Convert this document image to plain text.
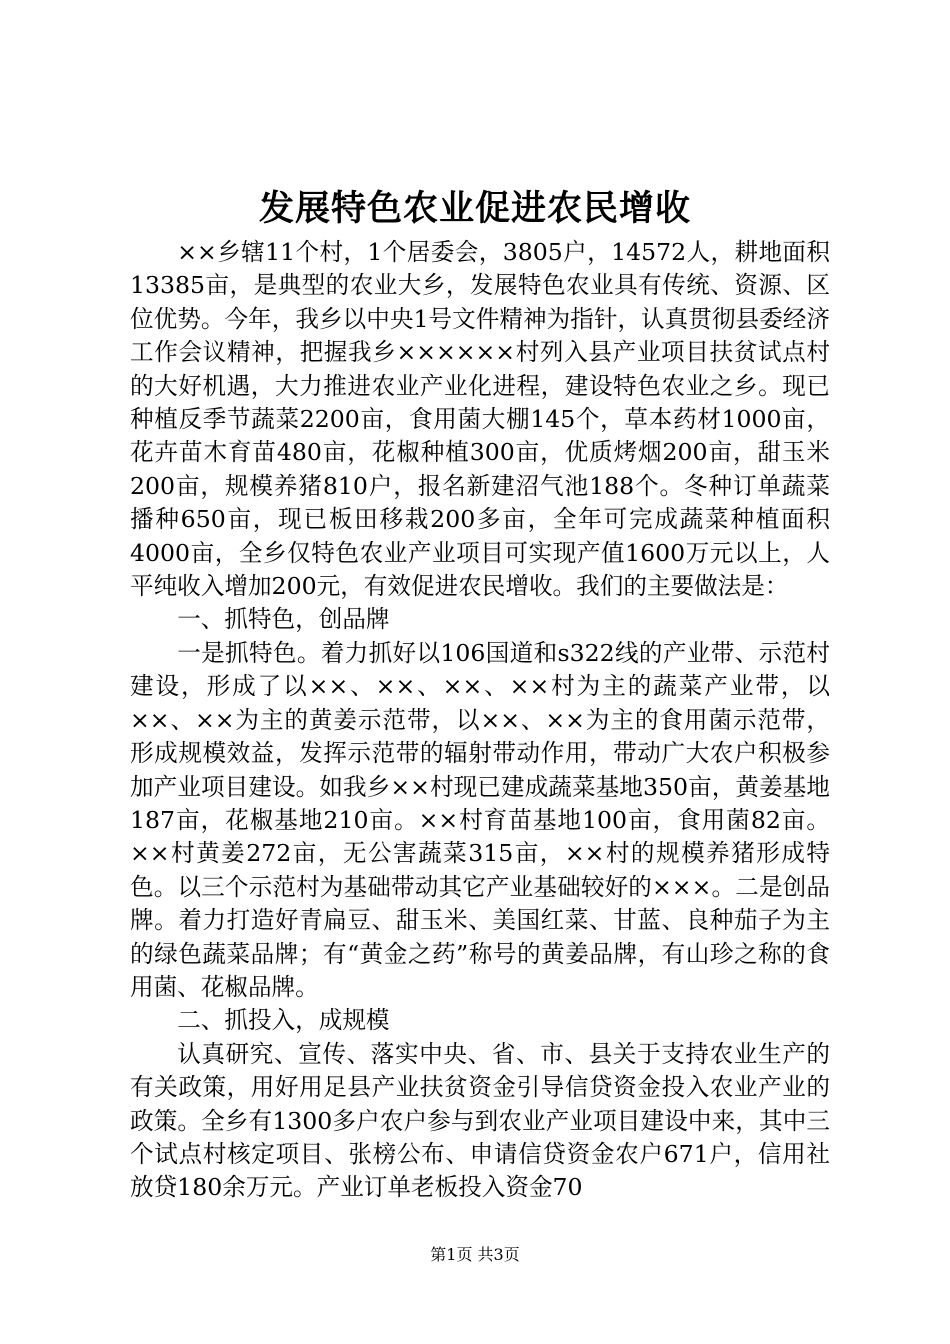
发展特色农业促进农民增收

××乡辖11个村，1个居委会，3805户，14572人，耕地面积13385亩，是典型的农业大乡，发展特色农业具有传统、资源、区位优势。今年，我乡以中央1号文件精神为指针，认真贯彻县委经济工作会议精神，把握我乡××××××村列入县产业项目扶贫试点村的大好机遇，大力推进农业产业化进程，建设特色农业之乡。现已种植反季节蔬菜2200亩，食用菌大棚145个，草本药材1000亩，花卉苗木育苗480亩，花椒种植300亩，优质烤烟200亩，甜玉米200亩，规模养猪810户，报名新建沼气池188个。冬种订单蔬菜播种650亩，现已板田移栽200多亩，全年可完成蔬菜种植面积4000亩，全乡仅特色农业产业项目可实现产值1600万元以上，人平纯收入增加200元，有效促进农民增收。我们的主要做法是：

一、抓特色，创品牌

一是抓特色。着力抓好以106国道和s322线的产业带、示范村建设，形成了以××、××、××、××村为主的蔬菜产业带，以××、××为主的黄姜示范带，以××、××为主的食用菌示范带，形成规模效益，发挥示范带的辐射带动作用，带动广大农户积极参加产业项目建设。如我乡××村现已建成蔬菜基地350亩，黄姜基地187亩，花椒基地210亩。××村育苗基地100亩，食用菌82亩。××村黄姜272亩，无公害蔬菜315亩，××村的规模养猪形成特色。以三个示范村为基础带动其它产业基础较好的×××。二是创品牌。着力打造好青扁豆、甜玉米、美国红菜、甘蓝、良种茄子为主的绿色蔬菜品牌；有“黄金之药”称号的黄姜品牌，有山珍之称的食用菌、花椒品牌。

二、抓投入，成规模

认真研究、宣传、落实中央、省、市、县关于支持农业生产的有关政策，用好用足县产业扶贫资金引导信贷资金投入农业产业的政策。全乡有1300多户农户参与到农业产业项目建设中来，其中三个试点村核定项目、张榜公布、申请信贷资金农户671户，信用社放贷180余万元。产业订单老板投入资金70

第1页 共3页
